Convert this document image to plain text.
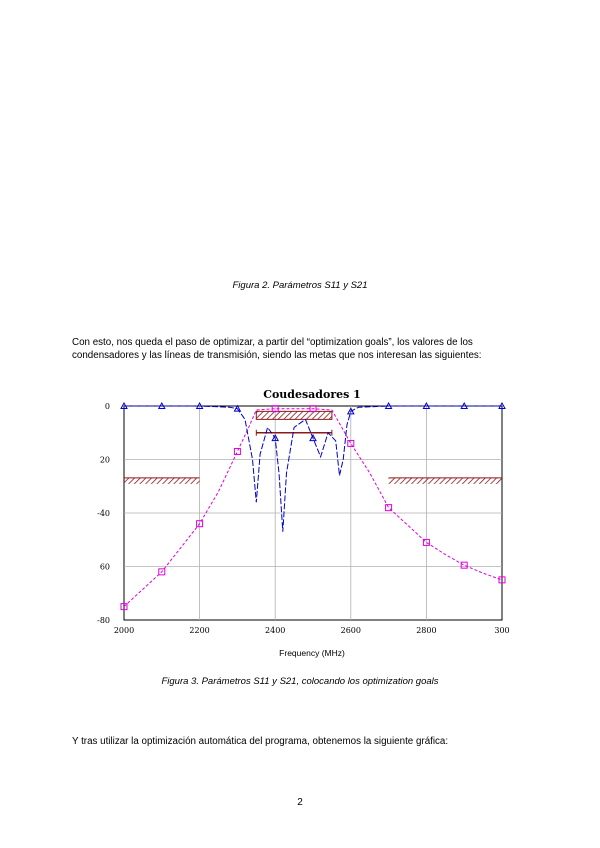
Figura 2. Parámetros S11 y S21
Con esto, nos queda el paso de optimizar, a partir del “optimization goals”, los valores de los condensadores y las líneas de transmisión, siendo las metas que nos interesan las siguientes:
Coudesadores 1
0
20
-40
60
-80
2000	2200	2400	2600	2800	300
Frequency (MHz)
Figura 3. Parámetros S11 y S21, colocando los optimization goals
Y tras utilizar la optimización automática del programa, obtenemos la siguiente gráfica:
2
